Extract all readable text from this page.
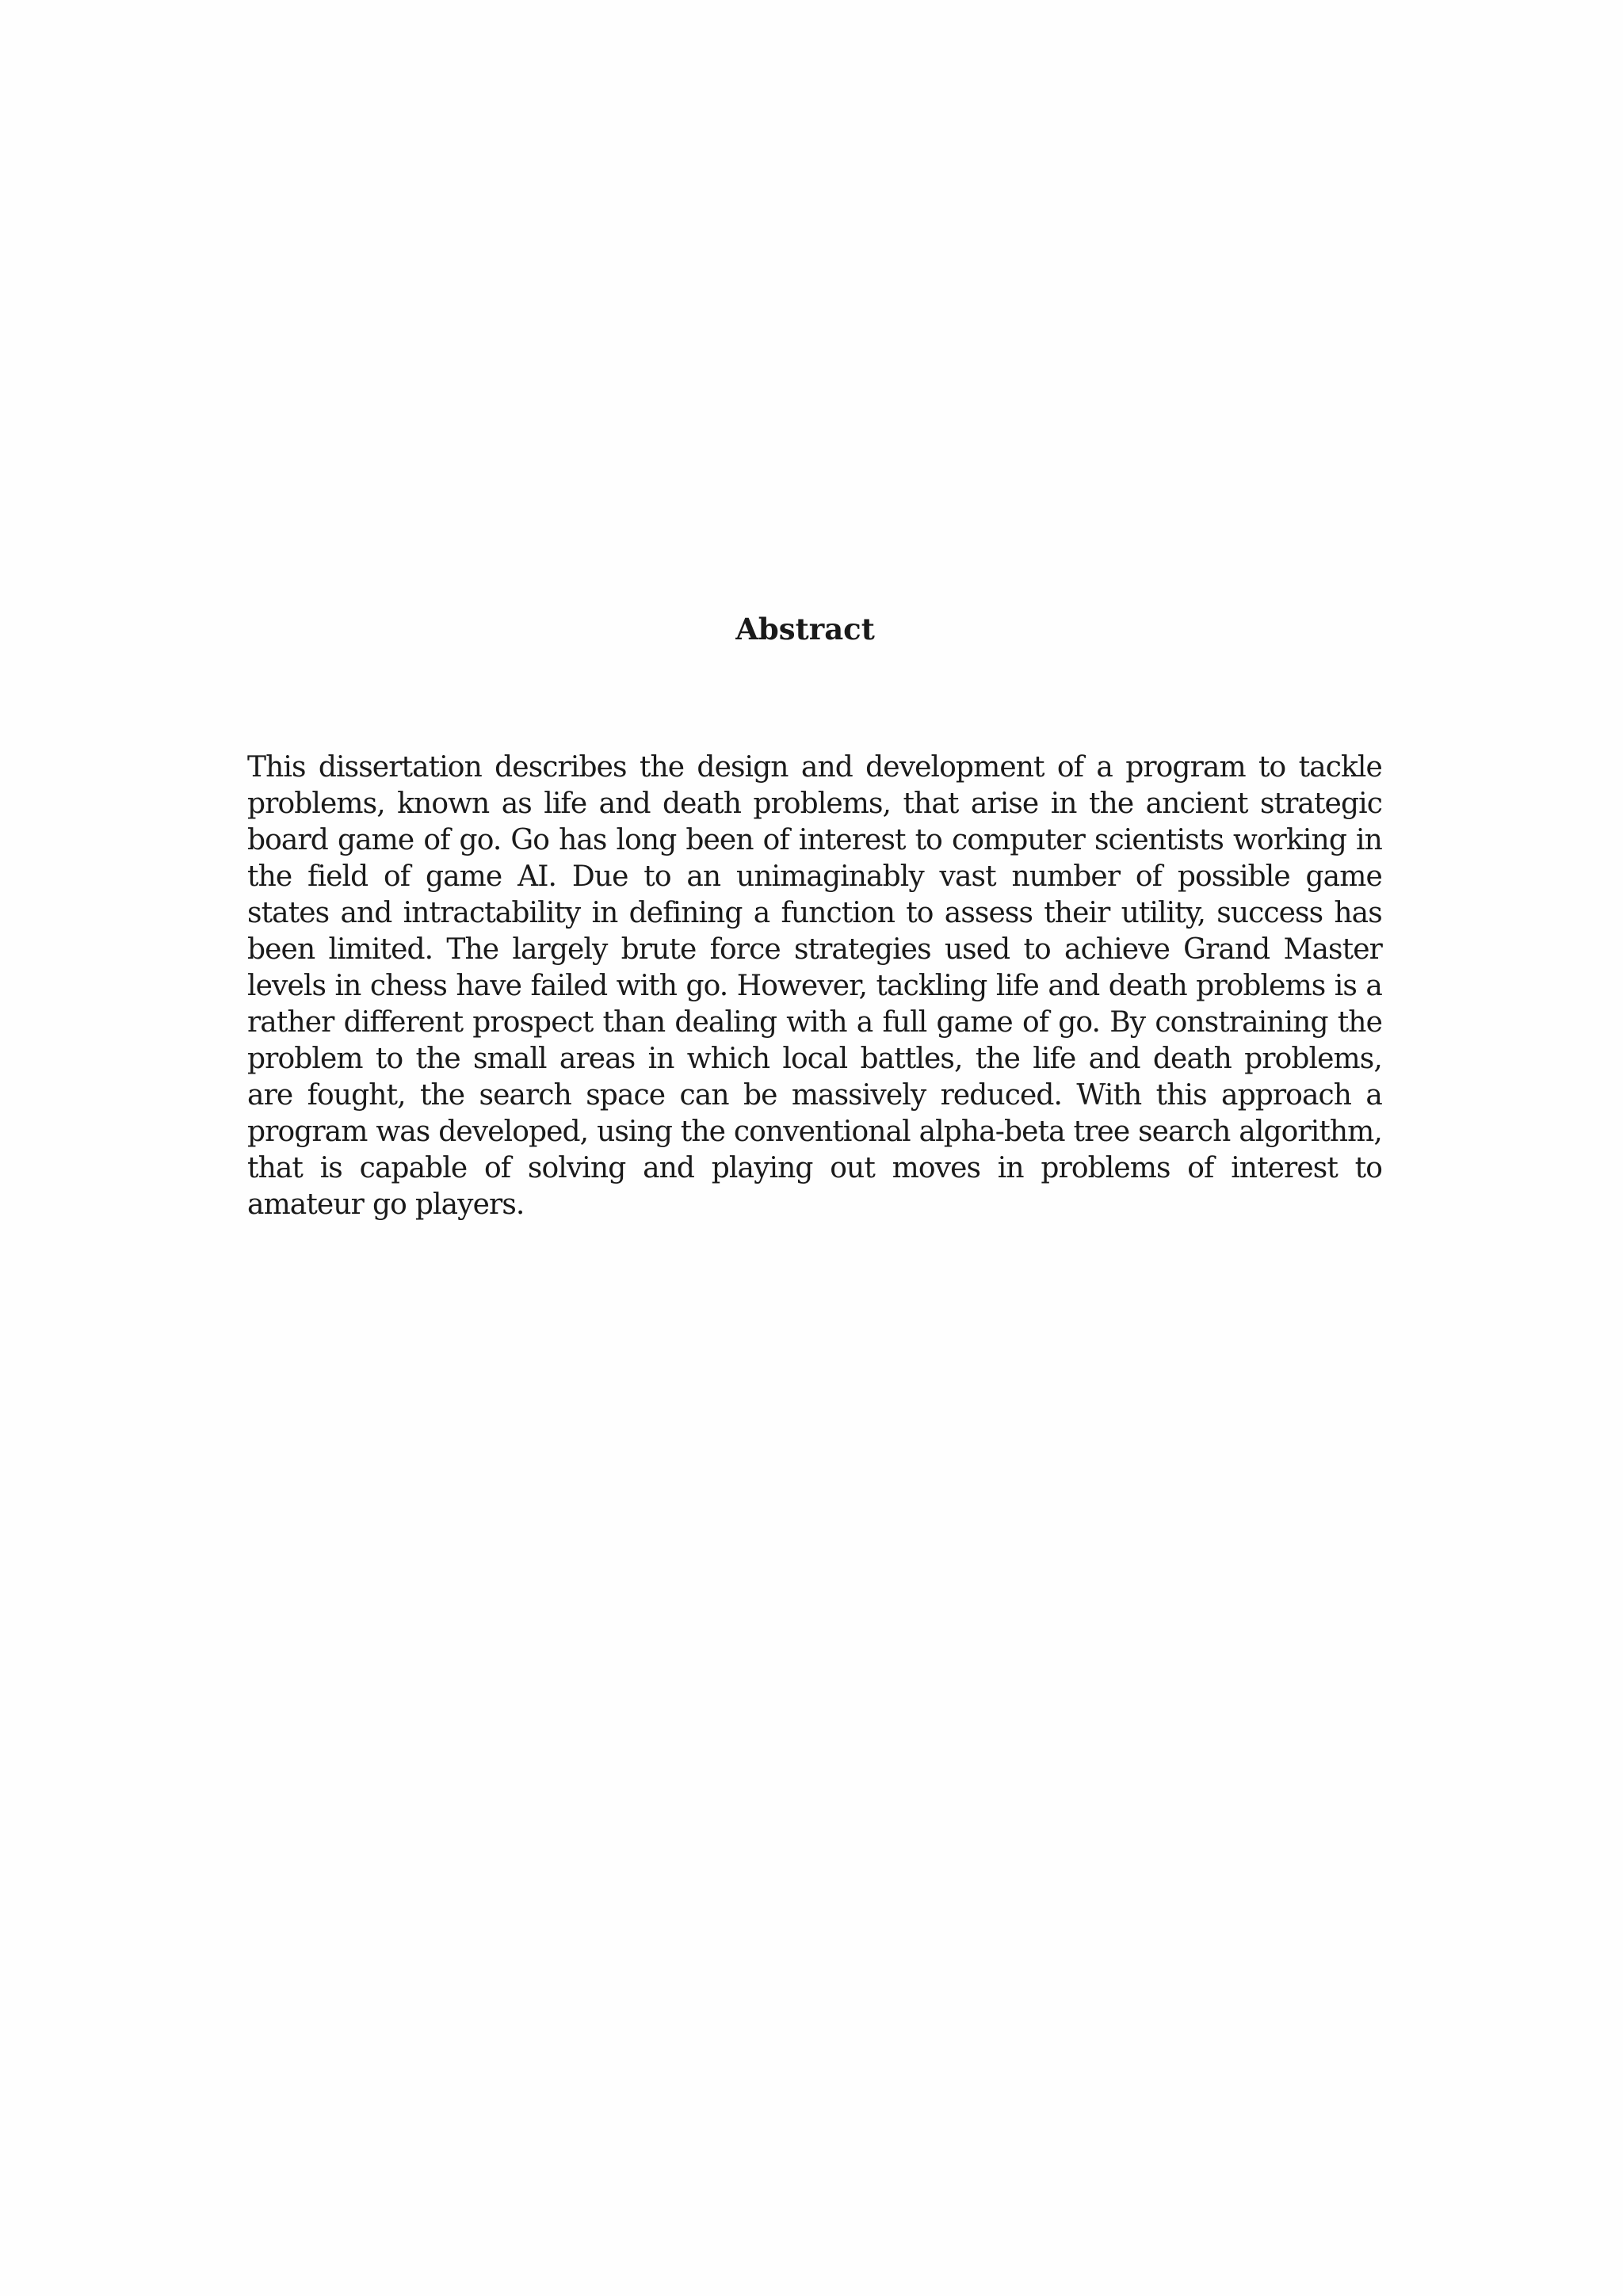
Abstract
This dissertation describes the design and development of a program to tackle
problems, known as life and death problems, that arise in the ancient strategic
board game of go. Go has long been of interest to computer scientists working in
the field of game AI. Due to an unimaginably vast number of possible game
states and intractability in defining a function to assess their utility, success has
been limited. The largely brute force strategies used to achieve Grand Master
levels in chess have failed with go. However, tackling life and death problems is a
rather different prospect than dealing with a full game of go. By constraining the
problem to the small areas in which local battles, the life and death problems,
are fought, the search space can be massively reduced. With this approach a
program was developed, using the conventional alpha-beta tree search algorithm,
that is capable of solving and playing out moves in problems of interest to
amateur go players.
